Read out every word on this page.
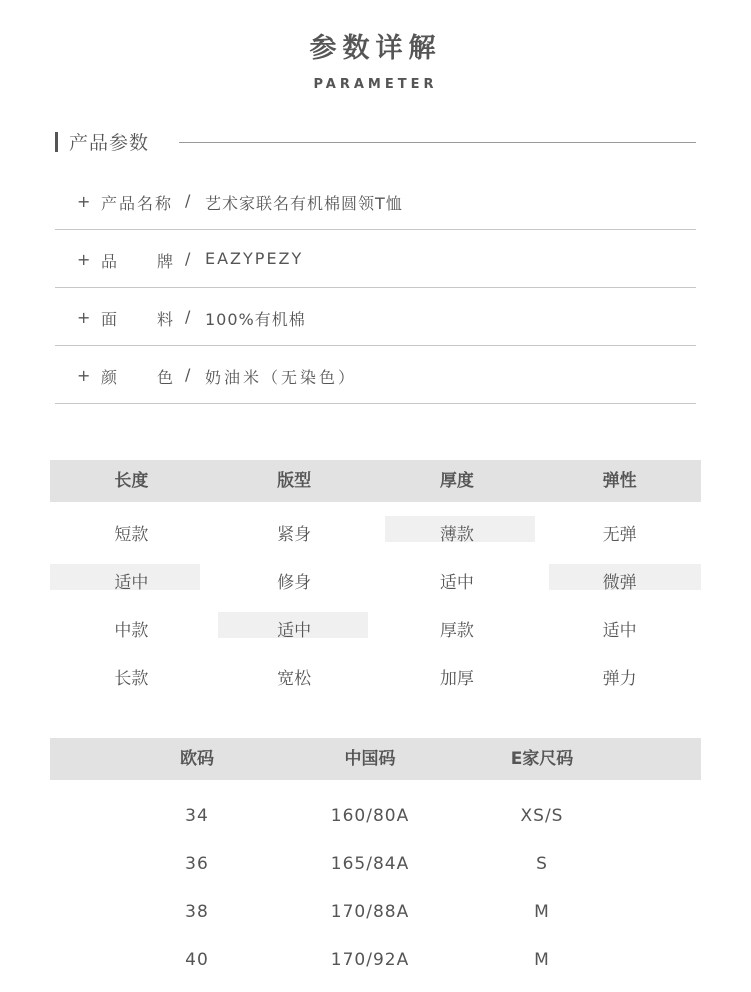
参数详解
PARAMETER
产品参数
+ 产品名称 / 艺术家联名有机棉圆领T恤
+ 品 牌 / EAZYPEZY
+ 面 料 / 100%有机棉
+ 颜 色 / 奶油米（无染色）
长度	版型	厚度	弹性
短款	紧身	薄款	无弹
适中	修身	适中	微弹
中款	适中	厚款	适中
长款	宽松	加厚	弹力
欧码	中国码	E家尺码
34	160/80A	XS/S
36	165/84A	S
38	170/88A	M
40	170/92A	M
